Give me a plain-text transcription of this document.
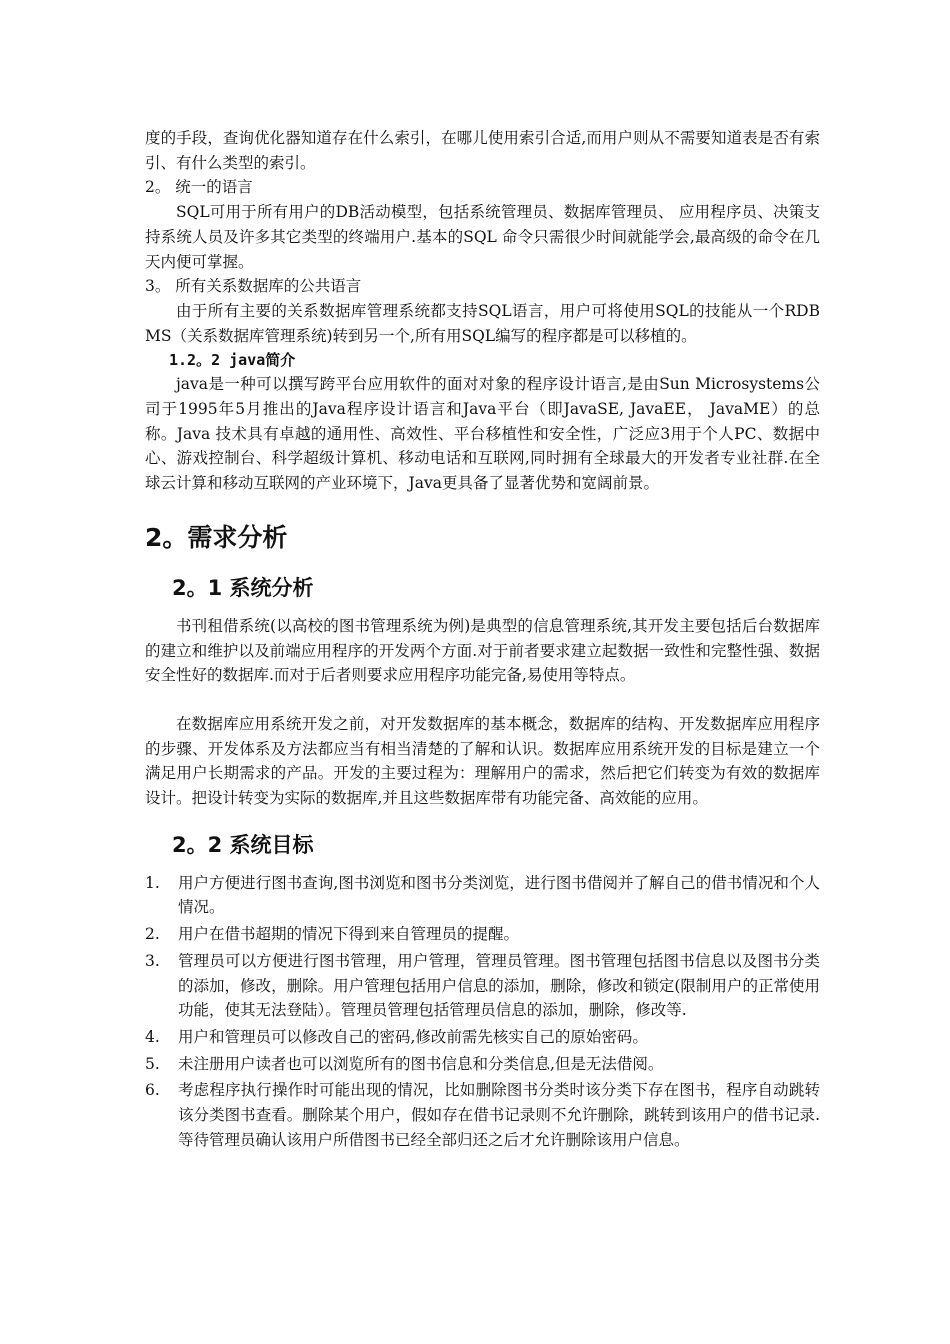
度的手段，查询优化器知道存在什么索引，在哪儿使用索引合适,而用户则从不需要知道表是否有索引、有什么类型的索引。

2。 统一的语言

SQL可用于所有用户的DB活动模型，包括系统管理员、数据库管理员、 应用程序员、决策支持系统人员及许多其它类型的终端用户.基本的SQL 命令只需很少时间就能学会,最高级的命令在几天内便可掌握。

3。 所有关系数据库的公共语言

由于所有主要的关系数据库管理系统都支持SQL语言，用户可将使用SQL的技能从一个RDBMS（关系数据库管理系统)转到另一个,所有用SQL编写的程序都是可以移植的。

1.2。2 java简介

java是一种可以撰写跨平台应用软件的面对对象的程序设计语言,是由Sun Microsystems公司于1995年5月推出的Java程序设计语言和Java平台（即JavaSE, JavaEE， JavaME）的总称。Java 技术具有卓越的通用性、高效性、平台移植性和安全性，广泛应3用于个人PC、数据中心、游戏控制台、科学超级计算机、移动电话和互联网,同时拥有全球最大的开发者专业社群.在全球云计算和移动互联网的产业环境下，Java更具备了显著优势和宽阔前景。

2。需求分析
2。1 系统分析

书刊租借系统(以高校的图书管理系统为例)是典型的信息管理系统,其开发主要包括后台数据库的建立和维护以及前端应用程序的开发两个方面.对于前者要求建立起数据一致性和完整性强、数据安全性好的数据库.而对于后者则要求应用程序功能完备,易使用等特点。

在数据库应用系统开发之前，对开发数据库的基本概念，数据库的结构、开发数据库应用程序的步骤、开发体系及方法都应当有相当清楚的了解和认识。数据库应用系统开发的目标是建立一个满足用户长期需求的产品。开发的主要过程为：理解用户的需求，然后把它们转变为有效的数据库设计。把设计转变为实际的数据库,并且这些数据库带有功能完备、高效能的应用。

2。2 系统目标
1. 用户方便进行图书查询,图书浏览和图书分类浏览，进行图书借阅并了解自己的借书情况和个人情况。
2. 用户在借书超期的情况下得到来自管理员的提醒。
3. 管理员可以方便进行图书管理，用户管理，管理员管理。图书管理包括图书信息以及图书分类的添加，修改，删除。用户管理包括用户信息的添加，删除，修改和锁定(限制用户的正常使用功能，使其无法登陆）。管理员管理包括管理员信息的添加，删除，修改等.
4. 用户和管理员可以修改自己的密码,修改前需先核实自己的原始密码。
5. 未注册用户读者也可以浏览所有的图书信息和分类信息,但是无法借阅。
6. 考虑程序执行操作时可能出现的情况，比如删除图书分类时该分类下存在图书，程序自动跳转该分类图书查看。删除某个用户，假如存在借书记录则不允许删除，跳转到该用户的借书记录.等待管理员确认该用户所借图书已经全部归还之后才允许删除该用户信息。
